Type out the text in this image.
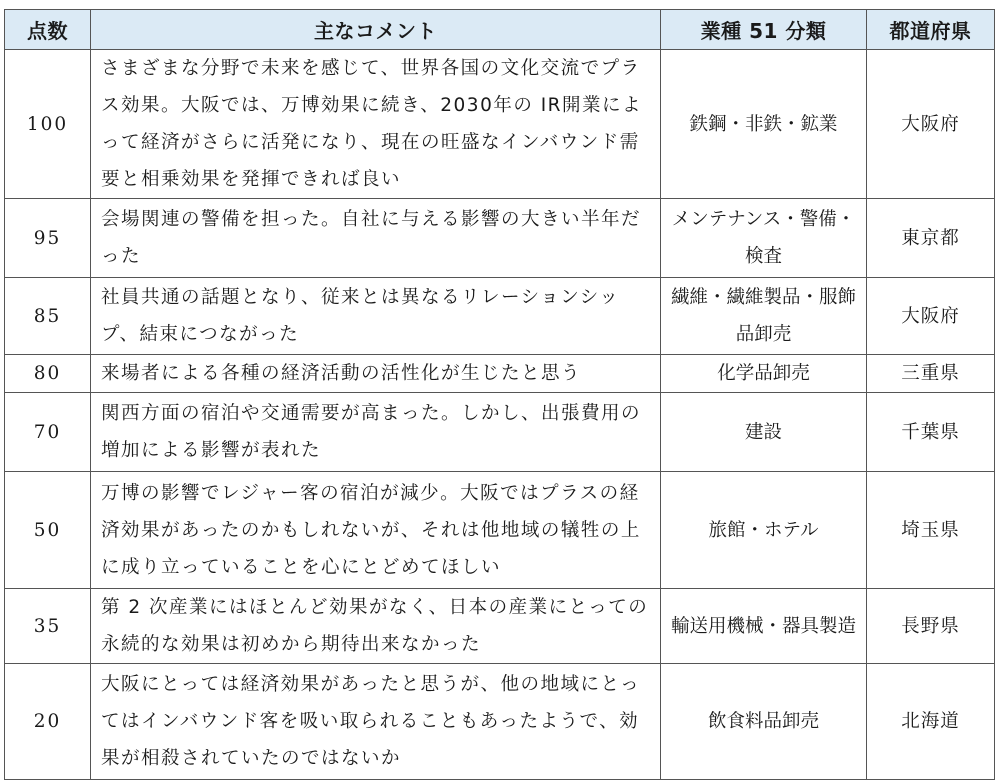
点数	主なコメント	業種 51 分類	都道府県
100	さまざまな分野で未来を感じて、世界各国の文化交流でプラス効果。大阪では、万博効果に続き、2030年の IR開業によって経済がさらに活発になり、現在の旺盛なインバウンド需要と相乗効果を発揮できれば良い	鉄鋼・非鉄・鉱業	大阪府
95	会場関連の警備を担った。自社に与える影響の大きい半年だった	メンテナンス・警備・検査	東京都
85	社員共通の話題となり、従来とは異なるリレーションシップ、結束につながった	繊維・繊維製品・服飾品卸売	大阪府
80	来場者による各種の経済活動の活性化が生じたと思う	化学品卸売	三重県
70	関西方面の宿泊や交通需要が高まった。しかし、出張費用の増加による影響が表れた	建設	千葉県
50	万博の影響でレジャー客の宿泊が減少。大阪ではプラスの経済効果があったのかもしれないが、それは他地域の犠牲の上に成り立っていることを心にとどめてほしい	旅館・ホテル	埼玉県
35	第 2 次産業にはほとんど効果がなく、日本の産業にとっての永続的な効果は初めから期待出来なかった	輸送用機械・器具製造	長野県
20	大阪にとっては経済効果があったと思うが、他の地域にとってはインバウンド客を吸い取られることもあったようで、効果が相殺されていたのではないか	飲食料品卸売	北海道
